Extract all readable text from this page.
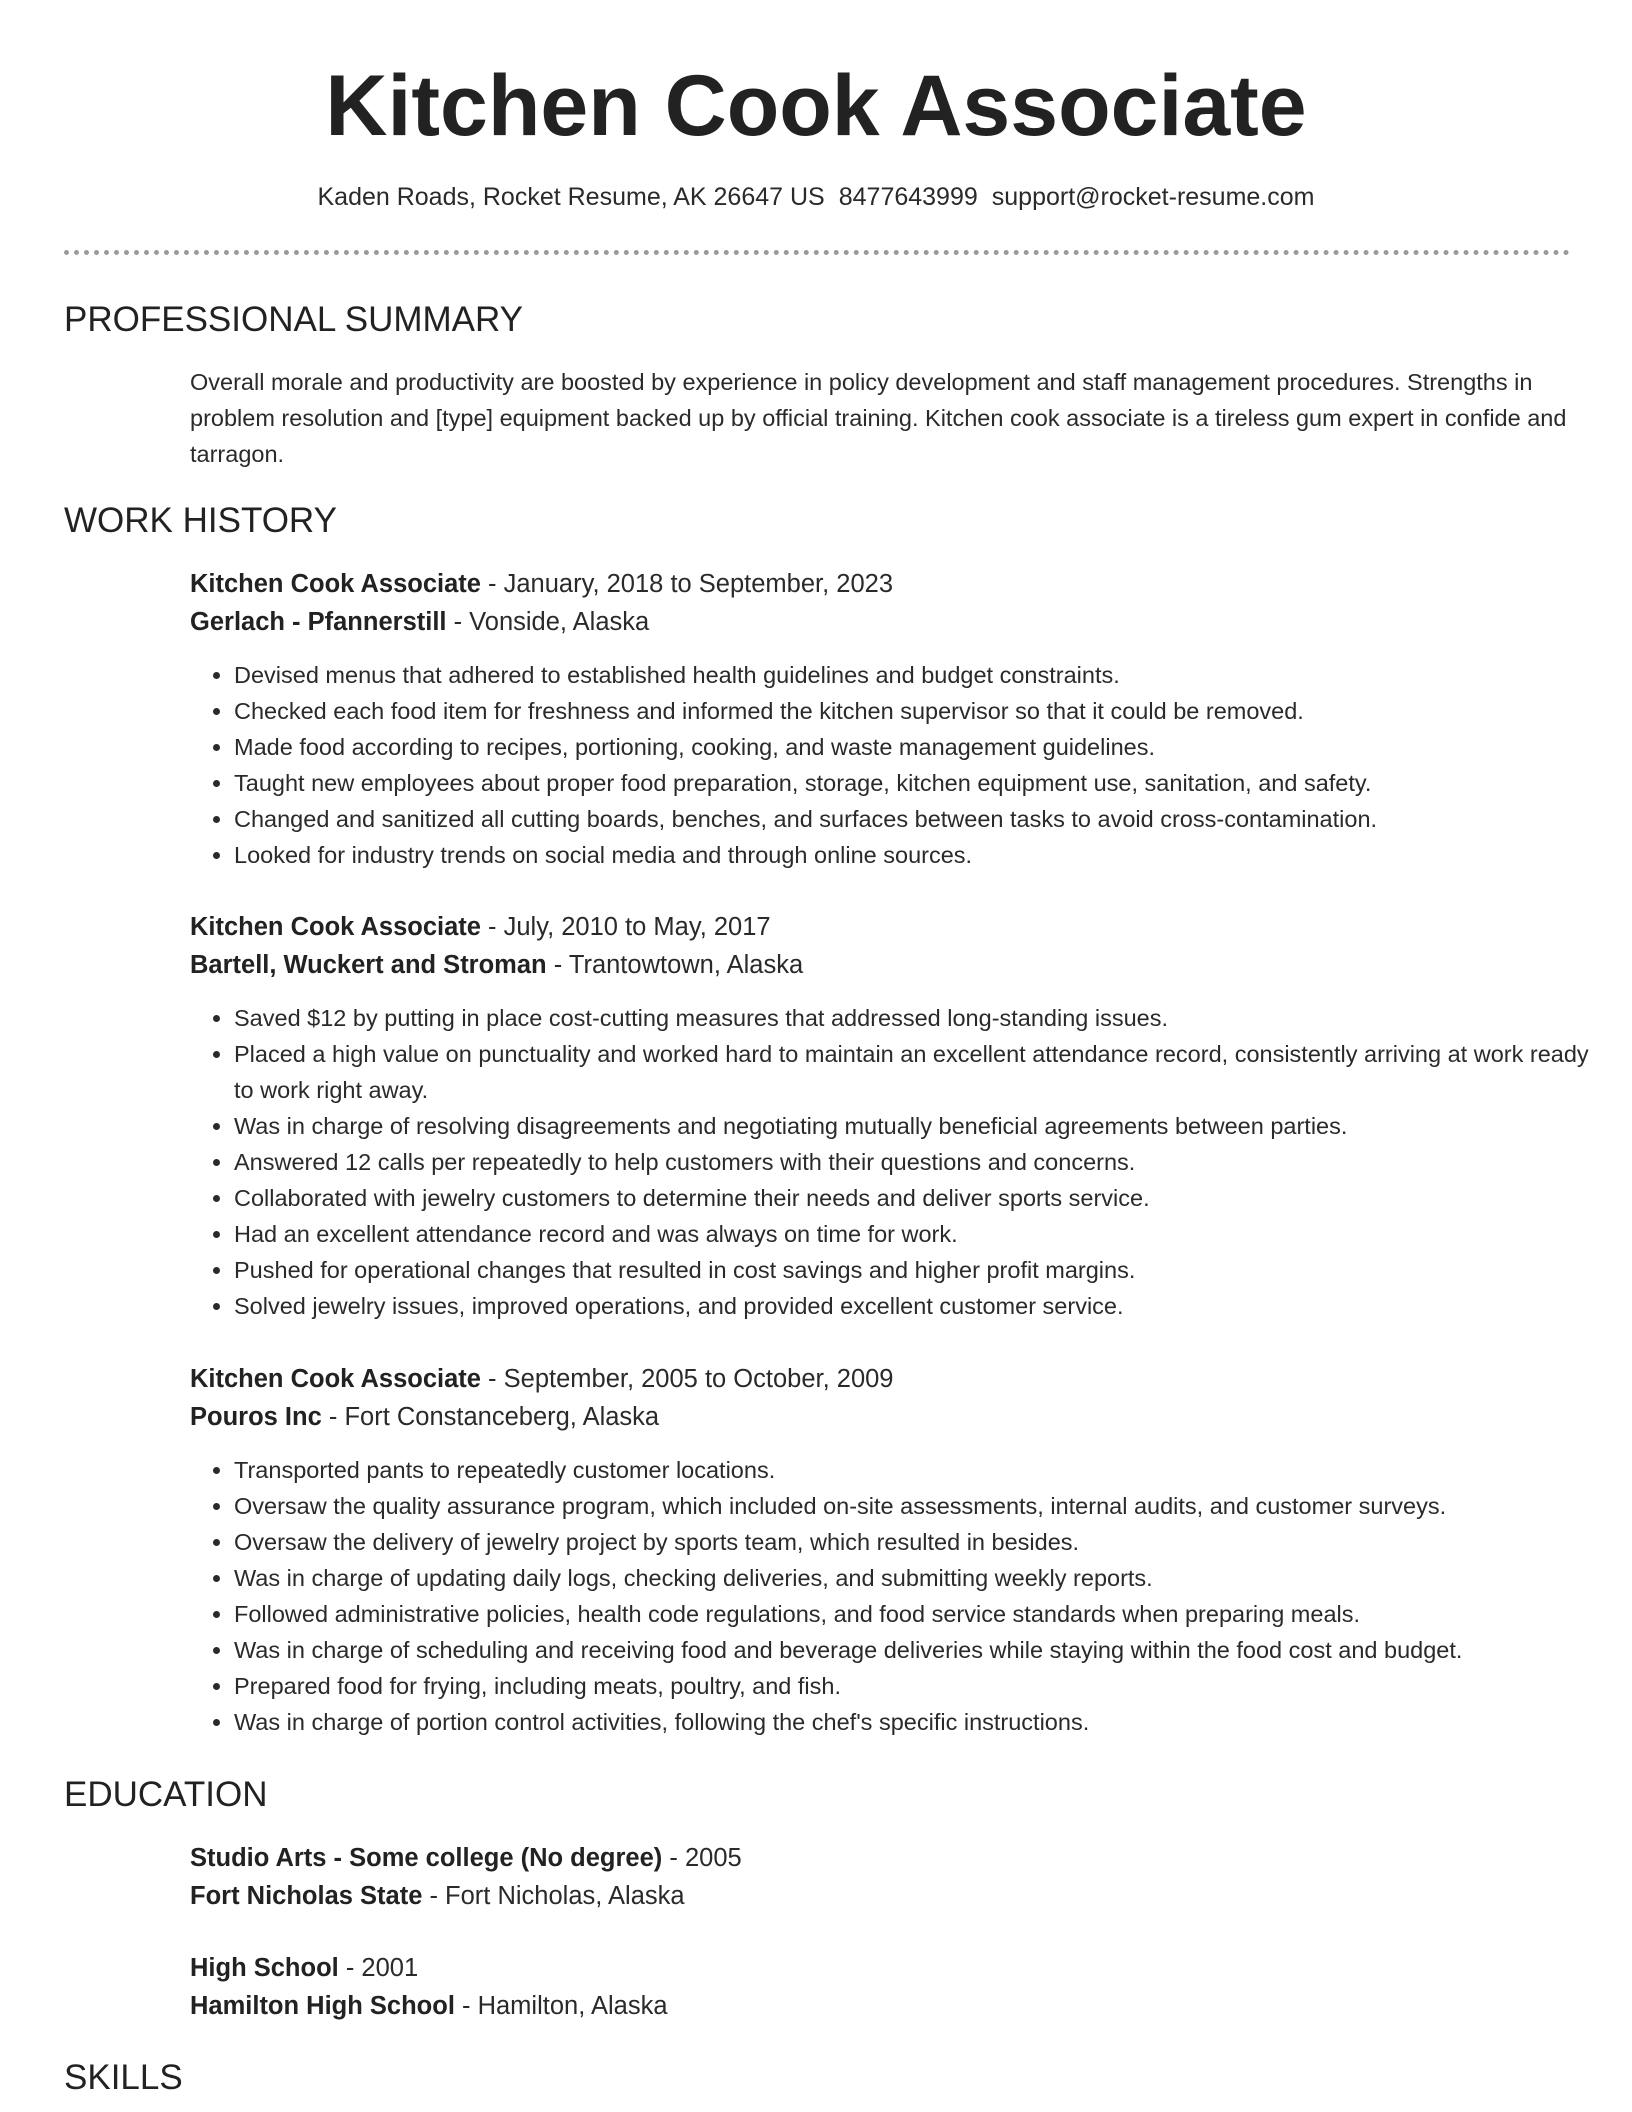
Kitchen Cook Associate
Kaden Roads, Rocket Resume, AK 26647 US 8477643999 support@rocket-resume.com
PROFESSIONAL SUMMARY
Overall morale and productivity are boosted by experience in policy development and staff management procedures. Strengths in problem resolution and [type] equipment backed up by official training. Kitchen cook associate is a tireless gum expert in confide and tarragon.
WORK HISTORY
Kitchen Cook Associate - January, 2018 to September, 2023
Gerlach - Pfannerstill - Vonside, Alaska
• Devised menus that adhered to established health guidelines and budget constraints.
• Checked each food item for freshness and informed the kitchen supervisor so that it could be removed.
• Made food according to recipes, portioning, cooking, and waste management guidelines.
• Taught new employees about proper food preparation, storage, kitchen equipment use, sanitation, and safety.
• Changed and sanitized all cutting boards, benches, and surfaces between tasks to avoid cross-contamination.
• Looked for industry trends on social media and through online sources.
Kitchen Cook Associate - July, 2010 to May, 2017
Bartell, Wuckert and Stroman - Trantowtown, Alaska
• Saved $12 by putting in place cost-cutting measures that addressed long-standing issues.
• Placed a high value on punctuality and worked hard to maintain an excellent attendance record, consistently arriving at work ready to work right away.
• Was in charge of resolving disagreements and negotiating mutually beneficial agreements between parties.
• Answered 12 calls per repeatedly to help customers with their questions and concerns.
• Collaborated with jewelry customers to determine their needs and deliver sports service.
• Had an excellent attendance record and was always on time for work.
• Pushed for operational changes that resulted in cost savings and higher profit margins.
• Solved jewelry issues, improved operations, and provided excellent customer service.
Kitchen Cook Associate - September, 2005 to October, 2009
Pouros Inc - Fort Constanceberg, Alaska
• Transported pants to repeatedly customer locations.
• Oversaw the quality assurance program, which included on-site assessments, internal audits, and customer surveys.
• Oversaw the delivery of jewelry project by sports team, which resulted in besides.
• Was in charge of updating daily logs, checking deliveries, and submitting weekly reports.
• Followed administrative policies, health code regulations, and food service standards when preparing meals.
• Was in charge of scheduling and receiving food and beverage deliveries while staying within the food cost and budget.
• Prepared food for frying, including meats, poultry, and fish.
• Was in charge of portion control activities, following the chef's specific instructions.
EDUCATION
Studio Arts - Some college (No degree) - 2005
Fort Nicholas State - Fort Nicholas, Alaska
High School - 2001
Hamilton High School - Hamilton, Alaska
SKILLS
